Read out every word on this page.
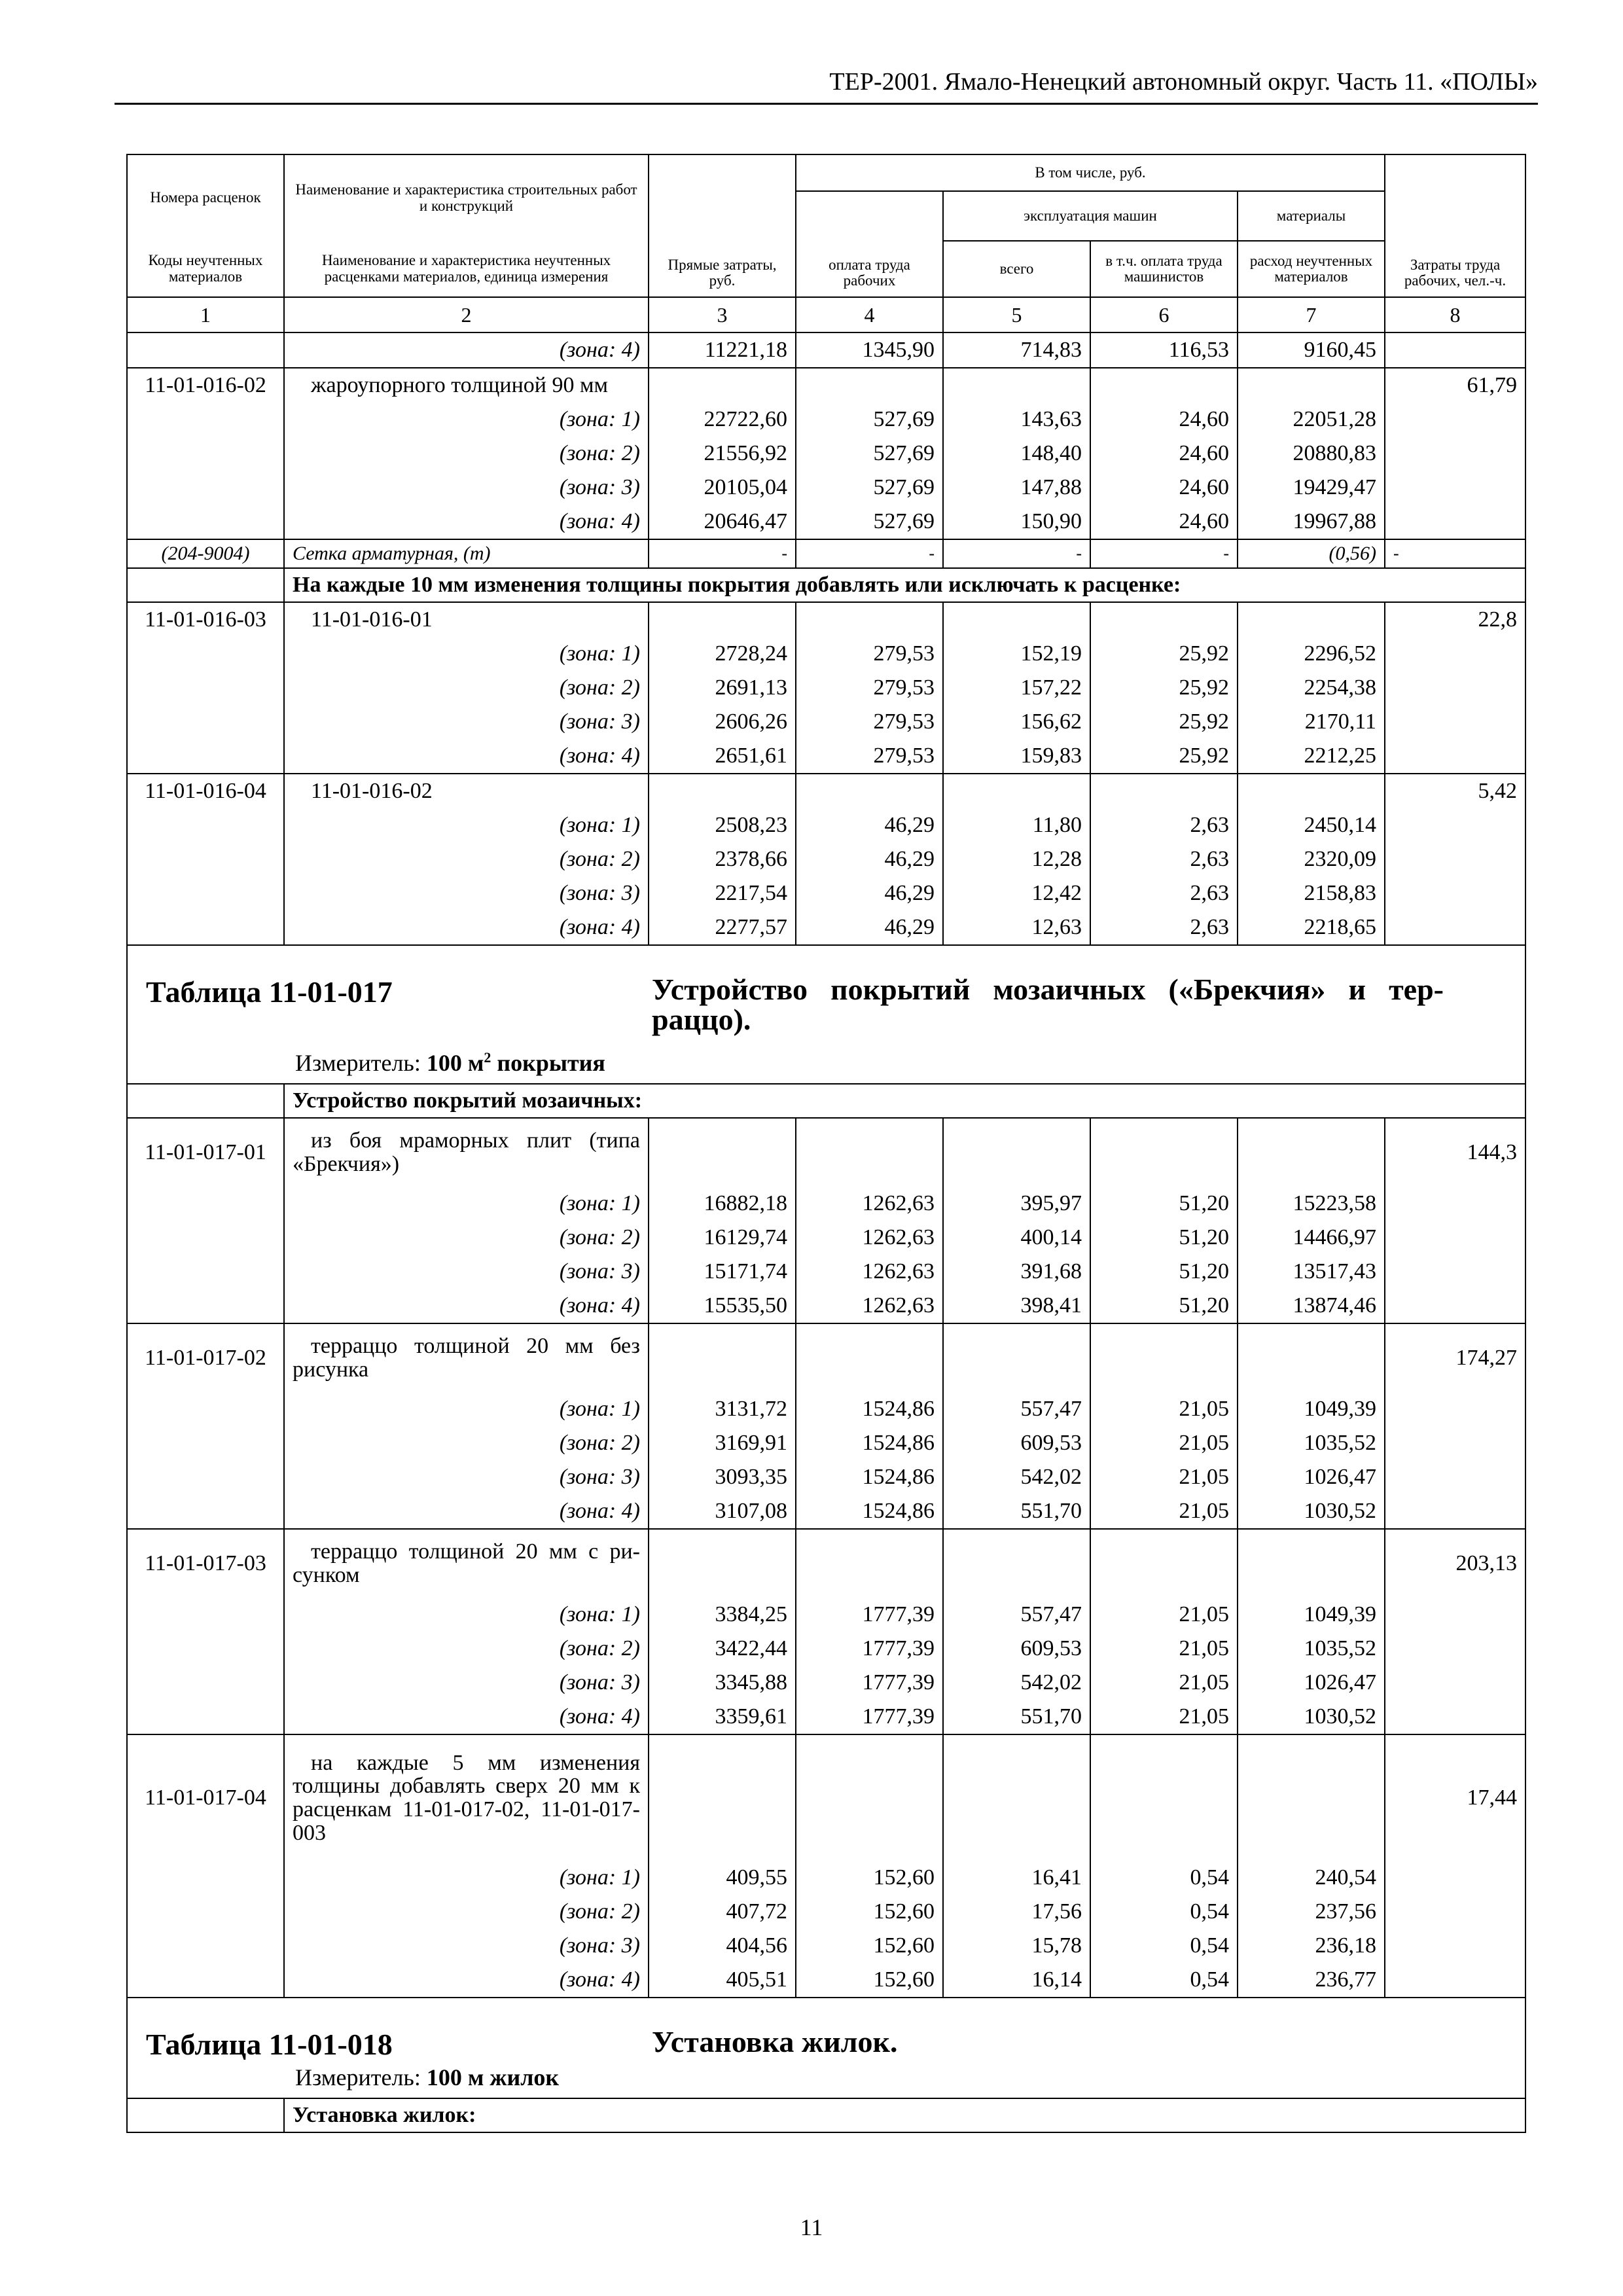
ТЕР-2001. Ямало-Ненецкий автономный округ. Часть 11. «ПОЛЫ»
Номера расценок	Наименование и характеристика строительных работ и конструкций	Прямые затраты, руб.	В том числе, руб.				Затраты труда рабочих, чел.-ч.
			оплата труда рабочих	эксплуатация машин		материалы	
Коды неучтенных материалов	Наименование и характеристика неучтенных расценками материалов, единица измерения			всего	в т.ч. оплата труда машинистов	расход неучтенных материалов	
1	2	3	4	5	6	7	8
	(зона: 4)	11221,18	1345,90	714,83	116,53	9160,45	
11-01-016-02	жароупорного толщиной 90 мм						61,79
	(зона: 1)	22722,60	527,69	143,63	24,60	22051,28	
	(зона: 2)	21556,92	527,69	148,40	24,60	20880,83	
	(зона: 3)	20105,04	527,69	147,88	24,60	19429,47	
	(зона: 4)	20646,47	527,69	150,90	24,60	19967,88	
(204-9004)	Сетка арматурная, (т)	-	-	-	-	(0,56)	-
	На каждые 10 мм изменения толщины покрытия добавлять или исключать к расценке:						
11-01-016-03	11-01-016-01						22,8
	(зона: 1)	2728,24	279,53	152,19	25,92	2296,52	
	(зона: 2)	2691,13	279,53	157,22	25,92	2254,38	
	(зона: 3)	2606,26	279,53	156,62	25,92	2170,11	
	(зона: 4)	2651,61	279,53	159,83	25,92	2212,25	
11-01-016-04	11-01-016-02						5,42
	(зона: 1)	2508,23	46,29	11,80	2,63	2450,14	
	(зона: 2)	2378,66	46,29	12,28	2,63	2320,09	
	(зона: 3)	2217,54	46,29	12,42	2,63	2158,83	
	(зона: 4)	2277,57	46,29	12,63	2,63	2218,65	

Таблица 11-01-017 Устройство покрытий мозаичных («Брекчия» и тер-раццо).
Измеритель: 100 $м^2$ покрытия							

	Устройство покрытий мозаичных:						
11-01-017-01	из боя мраморных плит (типа «Брекчия»)						144,3
	(зона: 1)	16882,18	1262,63	395,97	51,20	15223,58	
	(зона: 2)	16129,74	1262,63	400,14	51,20	14466,97	
	(зона: 3)	15171,74	1262,63	391,68	51,20	13517,43	
	(зона: 4)	15535,50	1262,63	398,41	51,20	13874,46	
11-01-017-02	терраццо толщиной 20 мм без рисунка						174,27
	(зона: 1)	3131,72	1524,86	557,47	21,05	1049,39	
	(зона: 2)	3169,91	1524,86	609,53	21,05	1035,52	
	(зона: 3)	3093,35	1524,86	542,02	21,05	1026,47	
	(зона: 4)	3107,08	1524,86	551,70	21,05	1030,52	
11-01-017-03	терраццо толщиной 20 мм с ри-сунком						203,13
	(зона: 1)	3384,25	1777,39	557,47	21,05	1049,39	
	(зона: 2)	3422,44	1777,39	609,53	21,05	1035,52	
	(зона: 3)	3345,88	1777,39	542,02	21,05	1026,47	
	(зона: 4)	3359,61	1777,39	551,70	21,05	1030,52	
11-01-017-04	на каждые 5 мм изменения толщины добавлять сверх 20 мм к расценкам 11-01-017-02, 11-01-017-003						17,44
	(зона: 1)	409,55	152,60	16,41	0,54	240,54	
	(зона: 2)	407,72	152,60	17,56	0,54	237,56	
	(зона: 3)	404,56	152,60	15,78	0,54	236,18	
	(зона: 4)	405,51	152,60	16,14	0,54	236,77	

Таблица 11-01-018 Установка жилок.
Измеритель: 100 м жилок							

	Установка жилок:						
11
